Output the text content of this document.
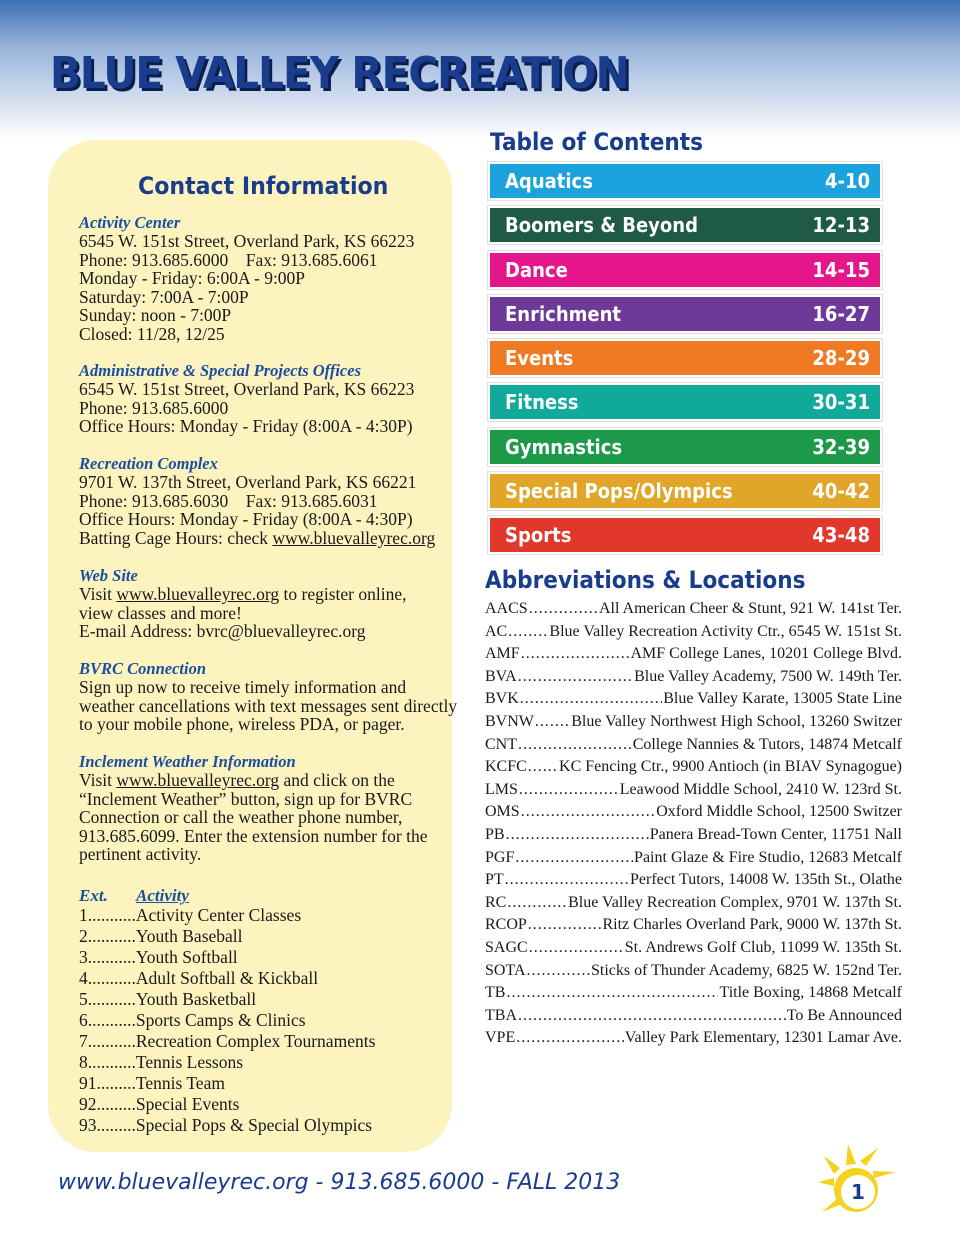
BLUE VALLEY RECREATION
Contact Information
Activity Center
6545 W. 151st Street, Overland Park, KS 66223
Phone: 913.685.6000    Fax: 913.685.6061
Monday - Friday: 6:00A - 9:00P
Saturday: 7:00A - 7:00P
Sunday: noon - 7:00P
Closed: 11/28, 12/25
Administrative & Special Projects Offices
6545 W. 151st Street, Overland Park, KS 66223
Phone: 913.685.6000
Office Hours: Monday - Friday (8:00A - 4:30P)
Recreation Complex
9701 W. 137th Street, Overland Park, KS 66221
Phone: 913.685.6030    Fax: 913.685.6031
Office Hours: Monday - Friday (8:00A - 4:30P)
Batting Cage Hours: check www.bluevalleyrec.org
Web Site
Visit www.bluevalleyrec.org to register online,
view classes and more!
E-mail Address: bvrc@bluevalleyrec.org
BVRC Connection
Sign up now to receive timely information and
weather cancellations with text messages sent directly
to your mobile phone, wireless PDA, or pager.
Inclement Weather Information
Visit www.bluevalleyrec.org and click on the
“Inclement Weather” button, sign up for BVRC
Connection or call the weather phone number,
913.685.6099. Enter the extension number for the
pertinent activity.
Ext. Activity
1...........Activity Center Classes
2...........Youth Baseball
3...........Youth Softball
4...........Adult Softball & Kickball
5...........Youth Basketball
6...........Sports Camps & Clinics
7...........Recreation Complex Tournaments
8...........Tennis Lessons
91.........Tennis Team
92.........Special Events
93.........Special Pops & Special Olympics
Table of Contents
Aquatics	4-10
Boomers & Beyond	12-13
Dance	14-15
Enrichment	16-27
Events	28-29
Fitness	30-31
Gymnastics	32-39
Special Pops/Olympics	40-42
Sports	43-48
Abbreviations & Locations
AACS .....	All American Cheer & Stunt, 921 W. 141st Ter.
AC .....	Blue Valley Recreation Activity Ctr., 6545 W. 151st St.
AMF .....	AMF College Lanes, 10201 College Blvd.
BVA .....	Blue Valley Academy, 7500 W. 149th Ter.
BVK .....	Blue Valley Karate, 13005 State Line
BVNW ..... Blue Valley Northwest High School, 13260 Switzer
CNT .....	College Nannies & Tutors, 14874 Metcalf
KCFC ..... KC Fencing Ctr., 9900 Antioch (in BIAV Synagogue)
LMS .....	Leawood Middle School, 2410 W. 123rd St.
OMS .....	Oxford Middle School, 12500 Switzer
PB .....	Panera Bread-Town Center, 11751 Nall
PGF .....	Paint Glaze & Fire Studio, 12683 Metcalf
PT .....	Perfect Tutors, 14008 W. 135th St., Olathe
RC .....	Blue Valley Recreation Complex, 9701 W. 137th St.
RCOP .....	Ritz Charles Overland Park, 9000 W. 137th St.
SAGC .....	St. Andrews Golf Club, 11099 W. 135th St.
SOTA .....	Sticks of Thunder Academy, 6825 W. 152nd Ter.
TB .....	Title Boxing, 14868 Metcalf
TBA .....	To Be Announced
VPE .....	Valley Park Elementary, 12301 Lamar Ave.
www.bluevalleyrec.org - 913.685.6000 - FALL 2013	1
